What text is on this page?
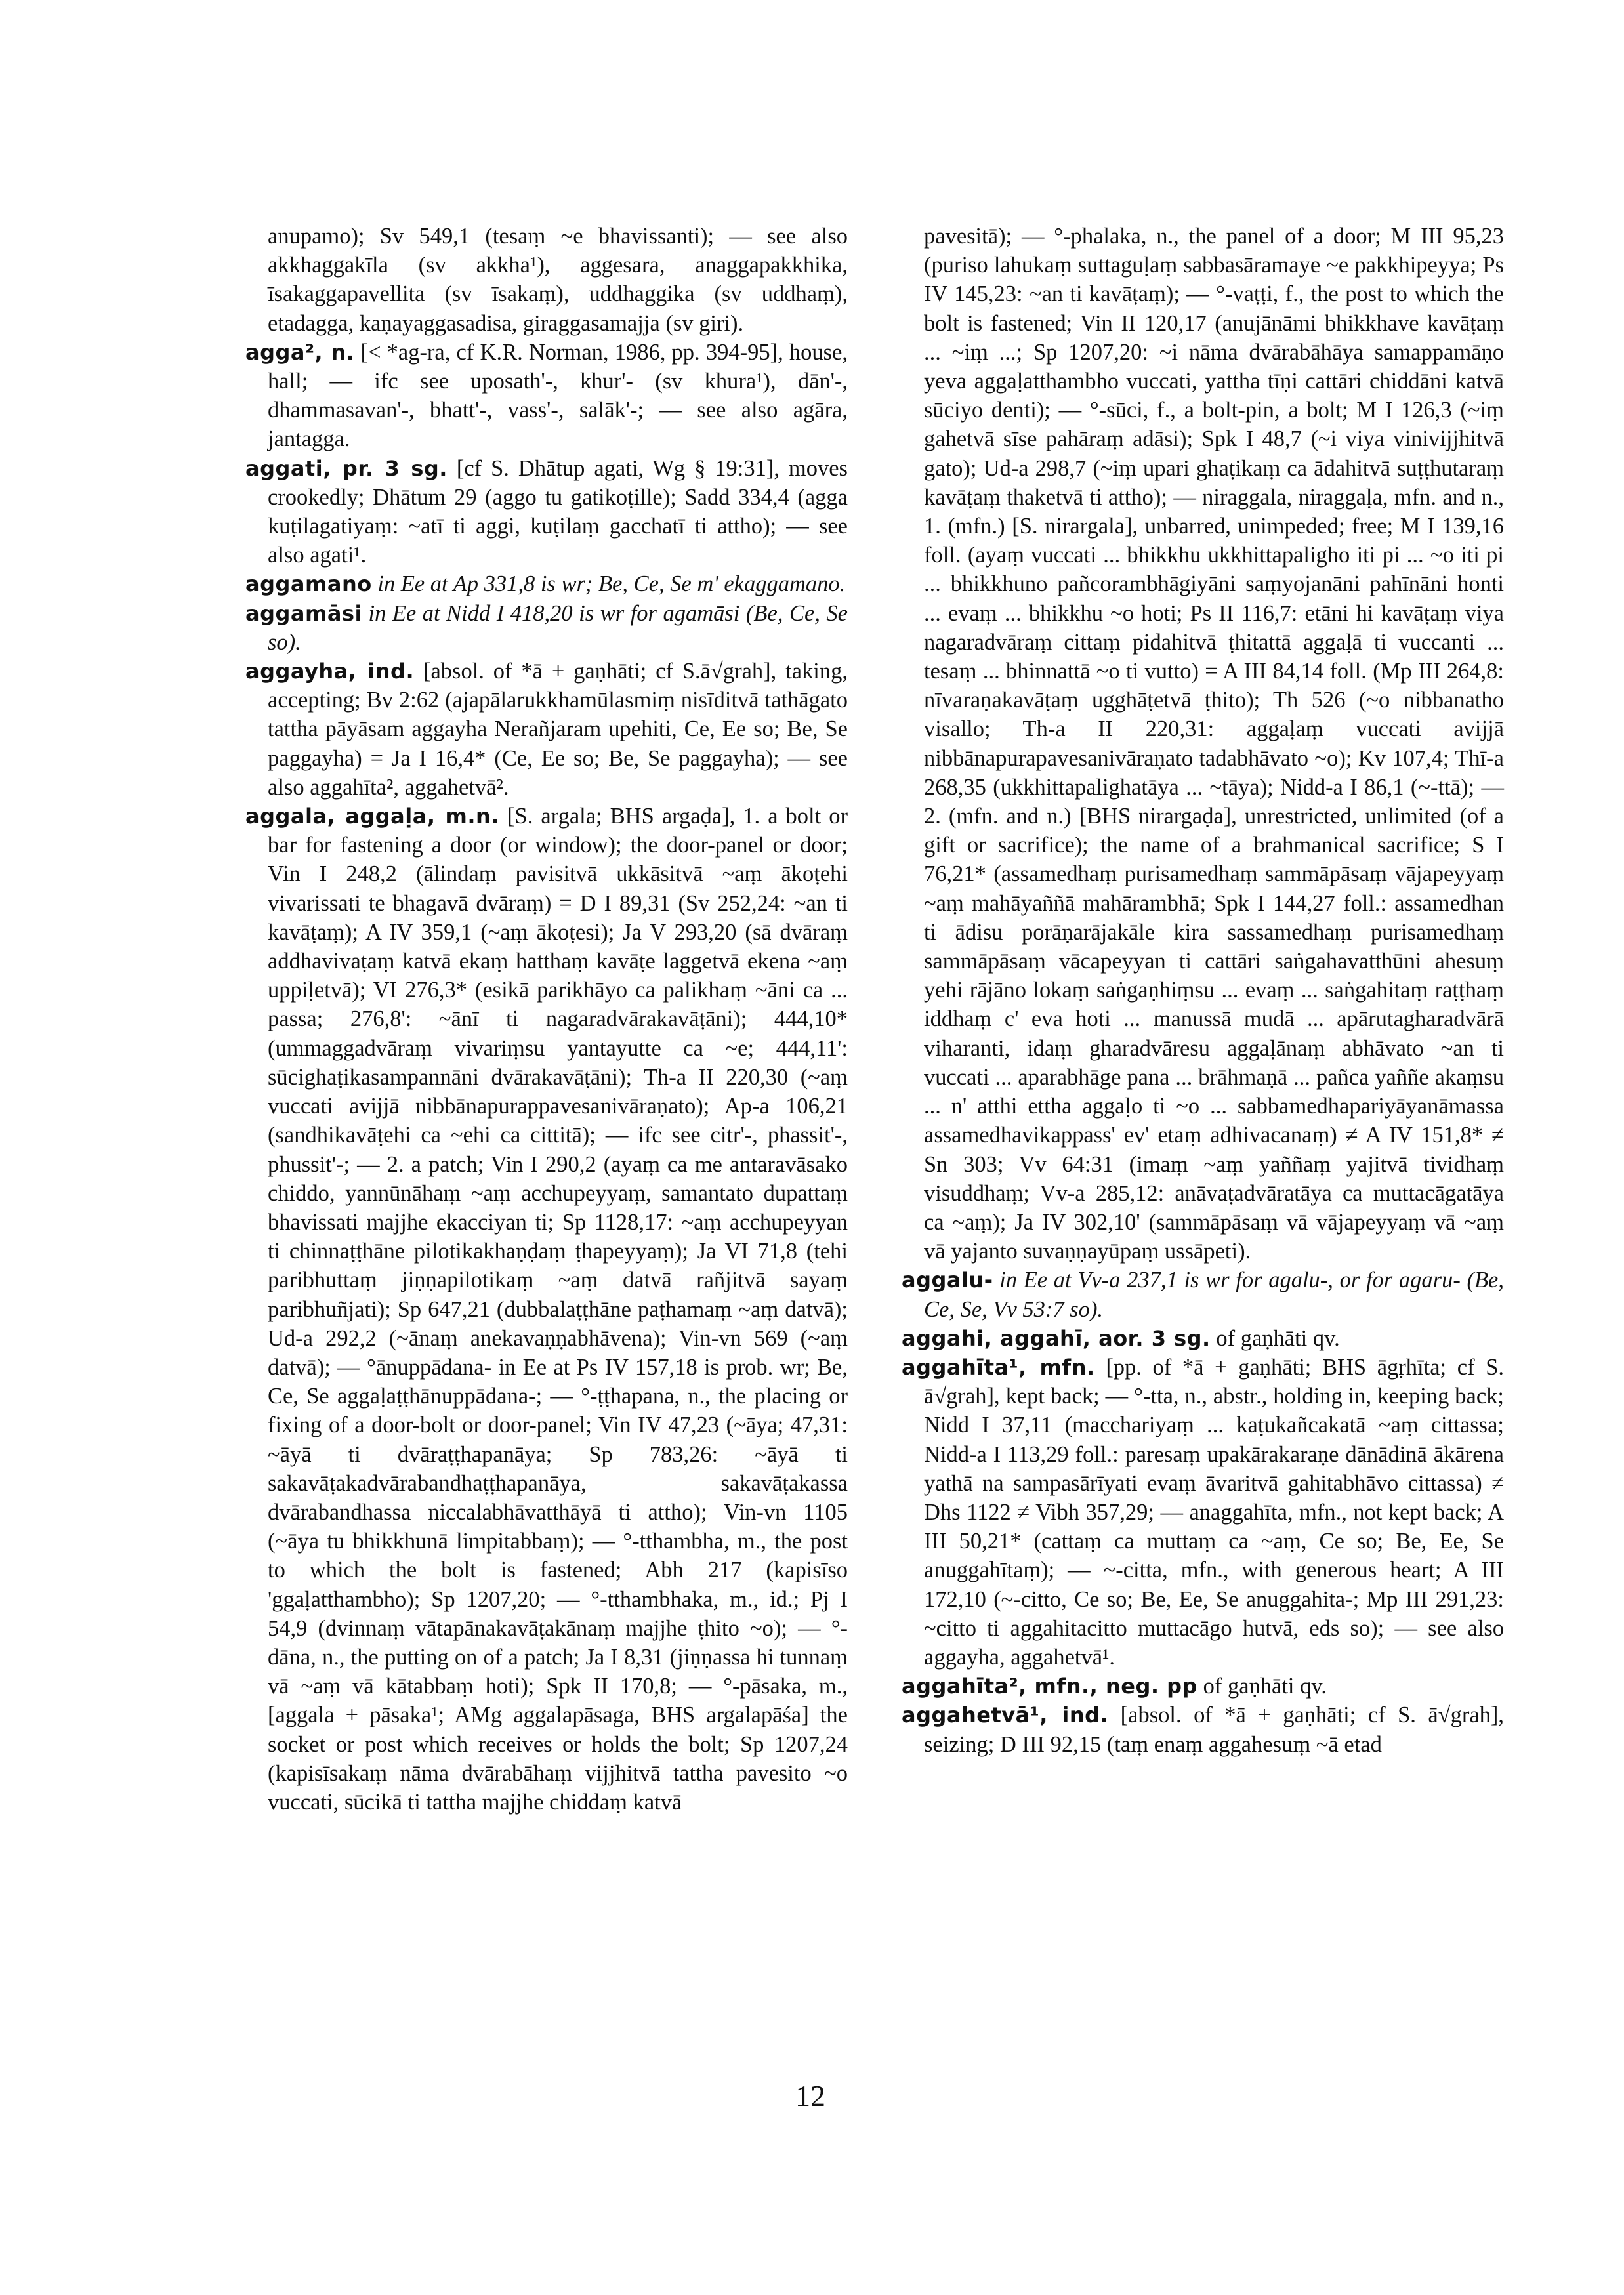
anupamo); Sv 549,1 (tesaṃ ~e bhavissanti); — see also akkhaggakīla (sv akkha¹), aggesara, anaggapakkhika, īsakaggapavellita (sv īsakaṃ), uddhaggika (sv uddhaṃ), etadagga, kaṇayaggasadisa, giraggasamajja (sv giri).

agga², n. [< *ag-ra, cf K.R. Norman, 1986, pp. 394-95], house, hall; — ifc see uposath'-, khur'- (sv khura¹), dān'-, dhammasavan'-, bhatt'-, vass'-, salāk'-; — see also agāra, jantagga.

aggati, pr. 3 sg. [cf S. Dhātup agati, Wg § 19:31], moves crookedly; Dhātum 29 (aggo tu gatikoṭille); Sadd 334,4 (agga kuṭilagatiyaṃ: ~atī ti aggi, kuṭilaṃ gacchatī ti attho); — see also agati¹.

aggamano in Ee at Ap 331,8 is wr; Be, Ce, Se m' ekaggamano.

aggamāsi in Ee at Nidd I 418,20 is wr for agamāsi (Be, Ce, Se so).

aggayha, ind. [absol. of *ā + gaṇhāti; cf S.ā√grah], taking, accepting; Bv 2:62 (ajapālarukkhamūlasmiṃ nisīditvā tathāgato tattha pāyāsam aggayha Nerañjaram upehiti, Ce, Ee so; Be, Se paggayha) = Ja I 16,4* (Ce, Ee so; Be, Se paggayha); — see also aggahīta², aggahetvā².

aggala, aggaḷa, m.n. [S. argala; BHS argaḍa], 1. a bolt or bar for fastening a door (or window); the door-panel or door; Vin I 248,2 (ālindaṃ pavisitvā ukkāsitvā ~aṃ ākoṭehi vivarissati te bhagavā dvāraṃ) = D I 89,31 (Sv 252,24: ~an ti kavāṭaṃ); A IV 359,1 (~aṃ ākoṭesi); Ja V 293,20 (sā dvāraṃ addhavivaṭaṃ katvā ekaṃ hatthaṃ kavāṭe laggetvā ekena ~aṃ uppiḷetvā); VI 276,3* (esikā parikhāyo ca palikhaṃ ~āni ca ... passa; 276,8': ~ānī ti nagaradvārakavāṭāni); 444,10* (ummaggadvāraṃ vivariṃsu yantayutte ca ~e; 444,11': sūcighaṭikasampannāni dvārakavāṭāni); Th-a II 220,30 (~aṃ vuccati avijjā nibbānapurappavesanivāraṇato); Ap-a 106,21 (sandhikavāṭehi ca ~ehi ca cittitā); — ifc see citr'-, phassit'-, phussit'-; — 2. a patch; Vin I 290,2 (ayaṃ ca me antaravāsako chiddo, yannūnāhaṃ ~aṃ acchupeyyaṃ, samantato dupattaṃ bhavissati majjhe ekacciyan ti; Sp 1128,17: ~aṃ acchupeyyan ti chinnaṭṭhāne pilotikakhaṇḍaṃ ṭhapeyyaṃ); Ja VI 71,8 (tehi paribhuttaṃ jiṇṇapilotikaṃ ~aṃ datvā rañjitvā sayaṃ paribhuñjati); Sp 647,21 (dubbalaṭṭhāne paṭhamaṃ ~aṃ datvā); Ud-a 292,2 (~ānaṃ anekavaṇṇabhāvena); Vin-vn 569 (~aṃ datvā); — °ānuppādana- in Ee at Ps IV 157,18 is prob. wr; Be, Ce, Se aggaḷaṭṭhānuppādana-; — °-ṭṭhapana, n., the placing or fixing of a door-bolt or door-panel; Vin IV 47,23 (~āya; 47,31: ~āyā ti dvāraṭṭhapanāya; Sp 783,26: ~āyā ti sakavāṭakadvārabandhaṭṭhapanāya, sakavāṭakassa dvārabandhassa niccalabhāvatthāyā ti attho); Vin-vn 1105 (~āya tu bhikkhunā limpitabbaṃ); — °-tthambha, m., the post to which the bolt is fastened; Abh 217 (kapisīso 'ggaḷatthambho); Sp 1207,20; — °-tthambhaka, m., id.; Pj I 54,9 (dvinnaṃ vātapānakavāṭakānaṃ majjhe ṭhito ~o); — °-dāna, n., the putting on of a patch; Ja I 8,31 (jiṇṇassa hi tunnaṃ vā ~aṃ vā kātabbaṃ hoti); Spk II 170,8; — °-pāsaka, m., [aggala + pāsaka¹; AMg aggalapāsaga, BHS argalapāśa] the socket or post which receives or holds the bolt; Sp 1207,24 (kapisīsakaṃ nāma dvārabāhaṃ vijjhitvā tattha pavesito ~o vuccati, sūcikā ti tattha majjhe chiddaṃ katvā

pavesitā); — °-phalaka, n., the panel of a door; M III 95,23 (puriso lahukaṃ suttaguḷaṃ sabbasāramaye ~e pakkhipeyya; Ps IV 145,23: ~an ti kavāṭaṃ); — °-vaṭṭi, f., the post to which the bolt is fastened; Vin II 120,17 (anujānāmi bhikkhave kavāṭaṃ ... ~iṃ ...; Sp 1207,20: ~i nāma dvārabāhāya samappamāṇo yeva aggaḷatthambho vuccati, yattha tīṇi cattāri chiddāni katvā sūciyo denti); — °-sūci, f., a bolt-pin, a bolt; M I 126,3 (~iṃ gahetvā sīse pahāraṃ adāsi); Spk I 48,7 (~i viya vinivijjhitvā gato); Ud-a 298,7 (~iṃ upari ghaṭikaṃ ca ādahitvā suṭṭhutaraṃ kavāṭaṃ thaketvā ti attho); — niraggala, niraggaḷa, mfn. and n., 1. (mfn.) [S. nirargala], unbarred, unimpeded; free; M I 139,16 foll. (ayaṃ vuccati ... bhikkhu ukkhittapaligho iti pi ... ~o iti pi ... bhikkhuno pañcorambhāgiyāni saṃyojanāni pahīnāni honti ... evaṃ ... bhikkhu ~o hoti; Ps II 116,7: etāni hi kavāṭaṃ viya nagaradvāraṃ cittaṃ pidahitvā ṭhitattā aggaḷā ti vuccanti ... tesaṃ ... bhinnattā ~o ti vutto) = A III 84,14 foll. (Mp III 264,8: nīvaraṇakavāṭaṃ ugghāṭetvā ṭhito); Th 526 (~o nibbanatho visallo; Th-a II 220,31: aggaḷaṃ vuccati avijjā nibbānapurapavesanivāraṇato tadabhāvato ~o); Kv 107,4; Thī-a 268,35 (ukkhittapalighatāya ... ~tāya); Nidd-a I 86,1 (~-ttā); — 2. (mfn. and n.) [BHS nirargaḍa], unrestricted, unlimited (of a gift or sacrifice); the name of a brahmanical sacrifice; S I 76,21* (assamedhaṃ purisamedhaṃ sammāpāsaṃ vājapeyyaṃ ~aṃ mahāyaññā mahārambhā; Spk I 144,27 foll.: assamedhan ti ādisu porāṇarājakāle kira sassamedhaṃ purisamedhaṃ sammāpāsaṃ vācapeyyan ti cattāri saṅgahavatthūni ahesuṃ yehi rājāno lokaṃ saṅgaṇhiṃsu ... evaṃ ... saṅgahitaṃ raṭṭhaṃ iddhaṃ c' eva hoti ... manussā mudā ... apārutagharadvārā viharanti, idaṃ gharadvāresu aggaḷānaṃ abhāvato ~an ti vuccati ... aparabhāge pana ... brāhmaṇā ... pañca yaññe akaṃsu ... n' atthi ettha aggaḷo ti ~o ... sabbamedhapariyāyanāmassa assamedhavikappass' ev' etaṃ adhivacanaṃ) ≠ A IV 151,8* ≠ Sn 303; Vv 64:31 (imaṃ ~aṃ yaññaṃ yajitvā tividhaṃ visuddhaṃ; Vv-a 285,12: anāvaṭadvāratāya ca muttacāgatāya ca ~aṃ); Ja IV 302,10' (sammāpāsaṃ vā vājapeyyaṃ vā ~aṃ vā yajanto suvaṇṇayūpaṃ ussāpeti).

aggalu- in Ee at Vv-a 237,1 is wr for agalu-, or for agaru- (Be, Ce, Se, Vv 53:7 so).

aggahi, aggahī, aor. 3 sg. of gaṇhāti qv.

aggahīta¹, mfn. [pp. of *ā + gaṇhāti; BHS āgṛhīta; cf S. ā√grah], kept back; — °-tta, n., abstr., holding in, keeping back; Nidd I 37,11 (macchariyaṃ ... kaṭukañcakatā ~aṃ cittassa; Nidd-a I 113,29 foll.: paresaṃ upakārakaraṇe dānādinā ākārena yathā na sampasārīyati evaṃ āvaritvā gahitabhāvo cittassa) ≠ Dhs 1122 ≠ Vibh 357,29; — anaggahīta, mfn., not kept back; A III 50,21* (cattaṃ ca muttaṃ ca ~aṃ, Ce so; Be, Ee, Se anuggahītaṃ); — ~-citta, mfn., with generous heart; A III 172,10 (~-citto, Ce so; Be, Ee, Se anuggahita-; Mp III 291,23: ~citto ti aggahitacitto muttacāgo hutvā, eds so); — see also aggayha, aggahetvā¹.

aggahīta², mfn., neg. pp of gaṇhāti qv.

aggahetvā¹, ind. [absol. of *ā + gaṇhāti; cf S. ā√grah], seizing; D III 92,15 (taṃ enaṃ aggahesuṃ ~ā etad

12
